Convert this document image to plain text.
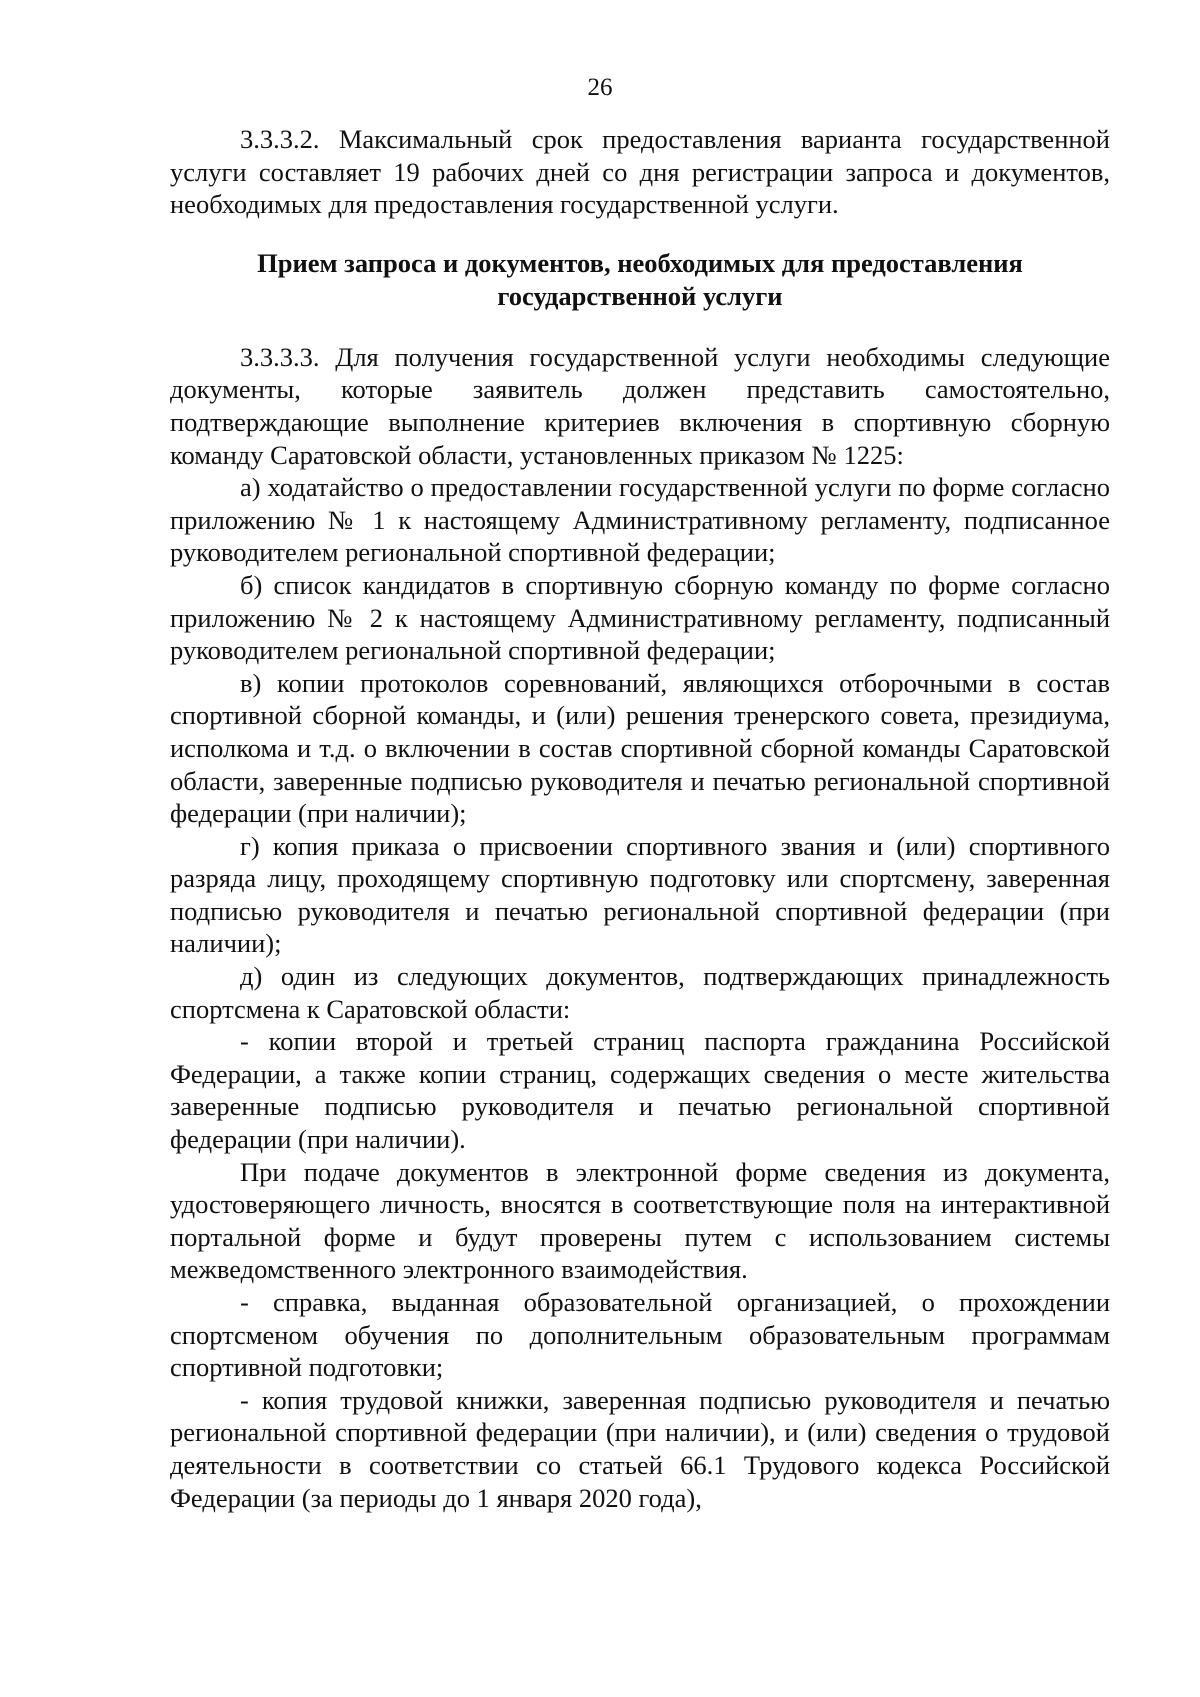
26

3.3.3.2. Максимальный срок предоставления варианта государственной услуги составляет 19 рабочих дней со дня регистрации запроса и документов, необходимых для предоставления государственной услуги.

Прием запроса и документов, необходимых для предоставления
государственной услуги

3.3.3.3. Для получения государственной услуги необходимы следующие документы, которые заявитель должен представить самостоятельно, подтверждающие выполнение критериев включения в спортивную сборную команду Саратовской области, установленных приказом № 1225:

а) ходатайство о предоставлении государственной услуги по форме согласно приложению № 1 к настоящему Административному регламенту, подписанное руководителем региональной спортивной федерации;

б) список кандидатов в спортивную сборную команду по форме согласно приложению № 2 к настоящему Административному регламенту, подписанный руководителем региональной спортивной федерации;

в) копии протоколов соревнований, являющихся отборочными в состав спортивной сборной команды, и (или) решения тренерского совета, президиума, исполкома и т.д. о включении в состав спортивной сборной команды Саратовской области, заверенные подписью руководителя и печатью региональной спортивной федерации (при наличии);

г) копия приказа о присвоении спортивного звания и (или) спортивного разряда лицу, проходящему спортивную подготовку или спортсмену, заверенная подписью руководителя и печатью региональной спортивной федерации (при наличии);

д) один из следующих документов, подтверждающих принадлежность спортсмена к Саратовской области:

- копии второй и третьей страниц паспорта гражданина Российской Федерации, а также копии страниц, содержащих сведения о месте жительства заверенные подписью руководителя и печатью региональной спортивной федерации (при наличии).

При подаче документов в электронной форме сведения из документа, удостоверяющего личность, вносятся в соответствующие поля на интерактивной портальной форме и будут проверены путем с использованием системы межведомственного электронного взаимодействия.

- справка, выданная образовательной организацией, о прохождении спортсменом обучения по дополнительным образовательным программам спортивной подготовки;

- копия трудовой книжки, заверенная подписью руководителя и печатью региональной спортивной федерации (при наличии), и (или) сведения о трудовой деятельности в соответствии со статьей 66.1 Трудового кодекса Российской Федерации (за периоды до 1 января 2020 года),
